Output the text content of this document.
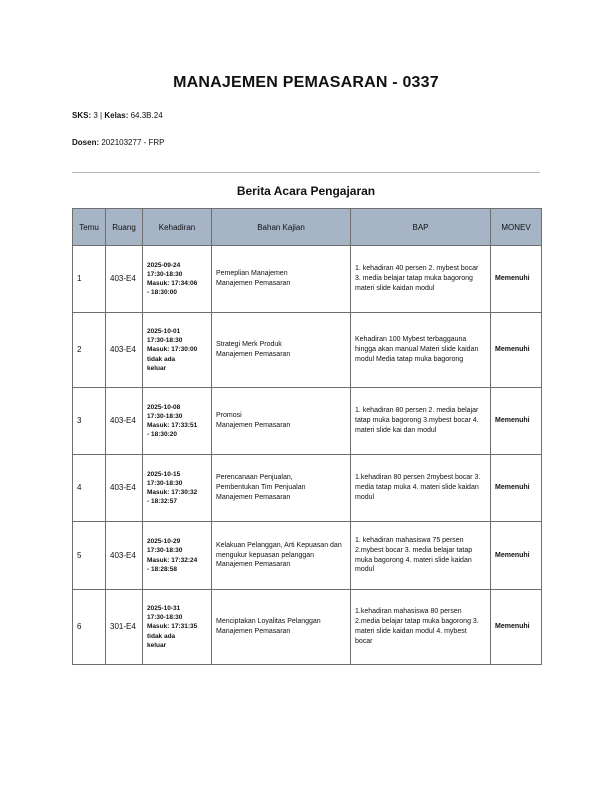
MANAJEMEN PEMASARAN - 0337
SKS: 3 | Kelas: 64.3B.24
Dosen: 202103277 - FRP
Berita Acara Pengajaran
Temu	Ruang	Kehadiran	Bahan Kajian	BAP	MONEV
1	403-E4	2025-09-24
17:30-18:30
Masuk: 17:34:06
- 18:30:00	Pemeplian Manajemen
Manajemen Pemasaran	1. kehadiran 40 persen 2. mybest bocar 3. media belajar tatap muka bagorong materi slide kaidan modul	Memenuhi
2	403-E4	2025-10-01
17:30-18:30
Masuk: 17:30:00
tidak ada
keluar	Strategi Merk Produk
Manajemen Pemasaran	Kehadiran 100 Mybest terbaggauna hingga akan manual Materi slide kaidan modul Media tatap muka bagorong	Memenuhi
3	403-E4	2025-10-08
17:30-18:30
Masuk: 17:33:51
- 18:30:20	Promosi
Manajemen Pemasaran	1. kehadiran 80 persen 2. media belajar tatap muka bagorong 3.mybest bocar 4. materi slide kai dan modul	Memenuhi
4	403-E4	2025-10-15
17:30-18:30
Masuk: 17:30:32
- 18:32:57	Perencanaan Penjualan,
Pembentukan Tim Penjualan
Manajemen Pemasaran	1.kehadiran 80 persen 2mybest bocar 3. media tatap muka 4. materi slide kaidan modul	Memenuhi
5	403-E4	2025-10-29
17:30-18:30
Masuk: 17:32:24
- 18:28:58	Kelakuan Pelanggan, Arti Kepuasan dan mengukur kepuasan pelanggan
Manajemen Pemasaran	1. kehadiran mahasiswa 75 persen 2.mybest bocar 3. media belajar tatap muka bagorong 4. materi slide kaidan modul	Memenuhi
6	301-E4	2025-10-31
17:30-18:30
Masuk: 17:31:35
tidak ada
keluar	Menciptakan Loyalitas Pelanggan
Manajemen Pemasaran	1.kehadiran mahasiswa 80 persen 2.media belajar tatap muka bagorong 3. materi slide kaidan modul 4. mybest bocar	Memenuhi
